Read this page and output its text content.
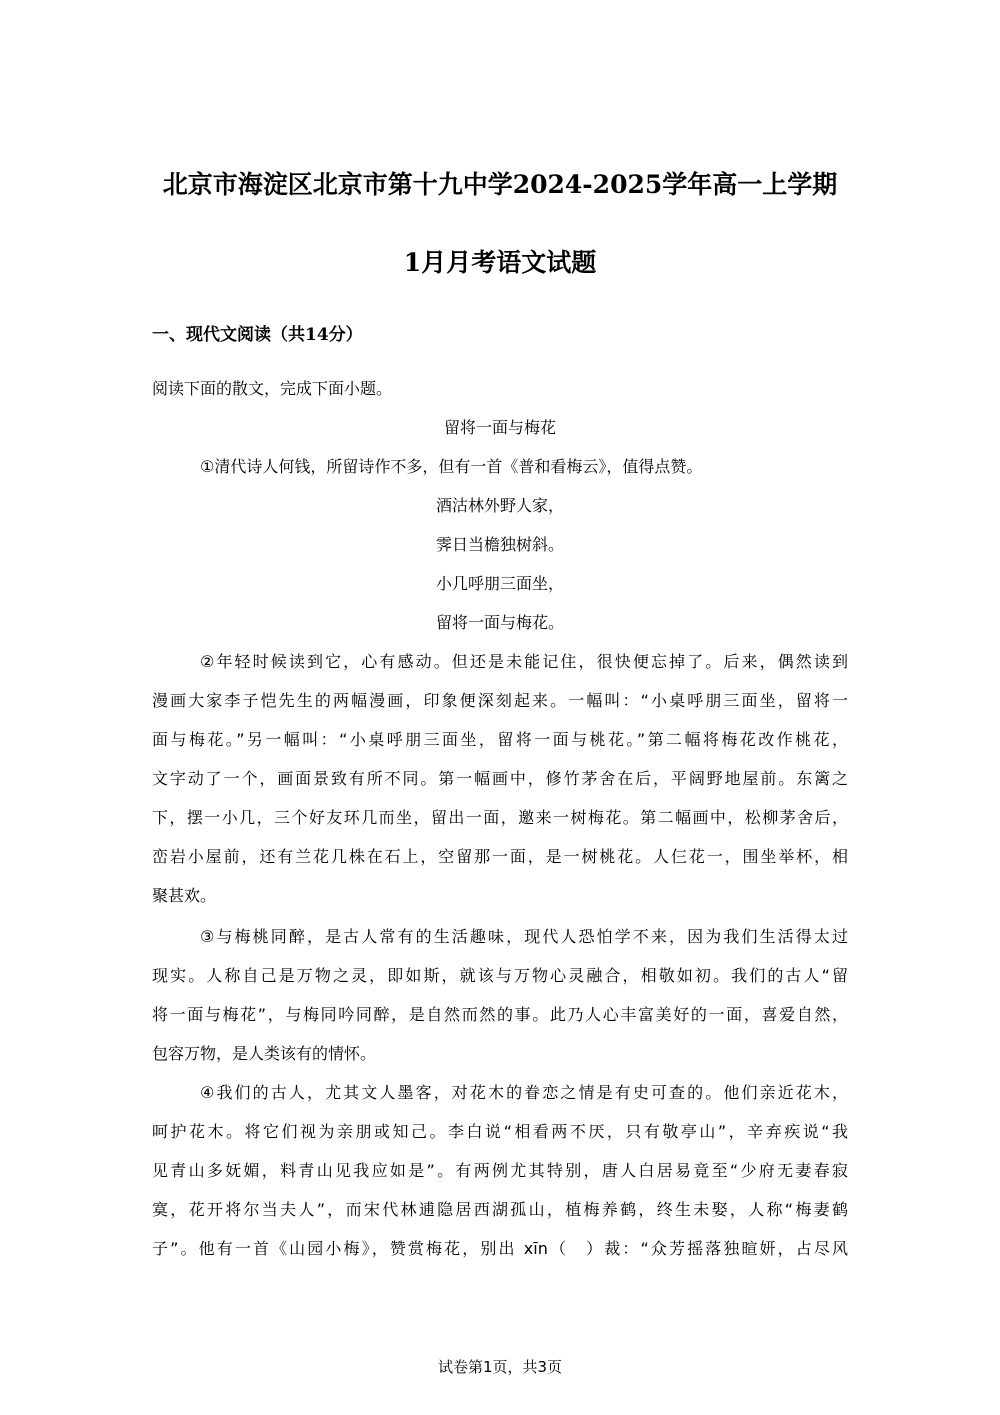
北京市海淀区北京市第十九中学2024-2025学年高一上学期
1月月考语文试题
一、现代文阅读（共14分）
阅读下面的散文，完成下面小题。
留将一面与梅花
①清代诗人何钱，所留诗作不多，但有一首《普和看梅云》，值得点赞。
酒沽林外野人家，
霁日当檐独树斜。
小几呼朋三面坐，
留将一面与梅花。
②年轻时候读到它，心有感动。但还是未能记住，很快便忘掉了。后来，偶然读到
漫画大家李子恺先生的两幅漫画，印象便深刻起来。一幅叫：“小桌呼朋三面坐，留将一
面与梅花。”另一幅叫：“小桌呼朋三面坐，留将一面与桃花。”第二幅将梅花改作桃花，
文字动了一个，画面景致有所不同。第一幅画中，修竹茅舍在后，平阔野地屋前。东篱之
下，摆一小几，三个好友环几而坐，留出一面，邀来一树梅花。第二幅画中，松柳茅舍后，
峦岩小屋前，还有兰花几株在石上，空留那一面，是一树桃花。人仨花一，围坐举杯，相
聚甚欢。
③与梅桃同醉，是古人常有的生活趣味，现代人恐怕学不来，因为我们生活得太过
现实。人称自己是万物之灵，即如斯，就该与万物心灵融合，相敬如初。我们的古人“留
将一面与梅花”，与梅同吟同醉，是自然而然的事。此乃人心丰富美好的一面，喜爱自然，
包容万物，是人类该有的情怀。
④我们的古人，尤其文人墨客，对花木的眷恋之情是有史可查的。他们亲近花木，
呵护花木。将它们视为亲朋或知己。李白说“相看两不厌，只有敬亭山”，辛弃疾说“我
见青山多妩媚，料青山见我应如是”。有两例尤其特别，唐人白居易竟至“少府无妻春寂
寞，花开将尔当夫人”，而宋代林逋隐居西湖孤山，植梅养鹤，终生未娶，人称“梅妻鹤
子”。他有一首《山园小梅》，赞赏梅花，别出 xīn（　）裁：“众芳摇落独暄妍，占尽风
试卷第1页，共3页
